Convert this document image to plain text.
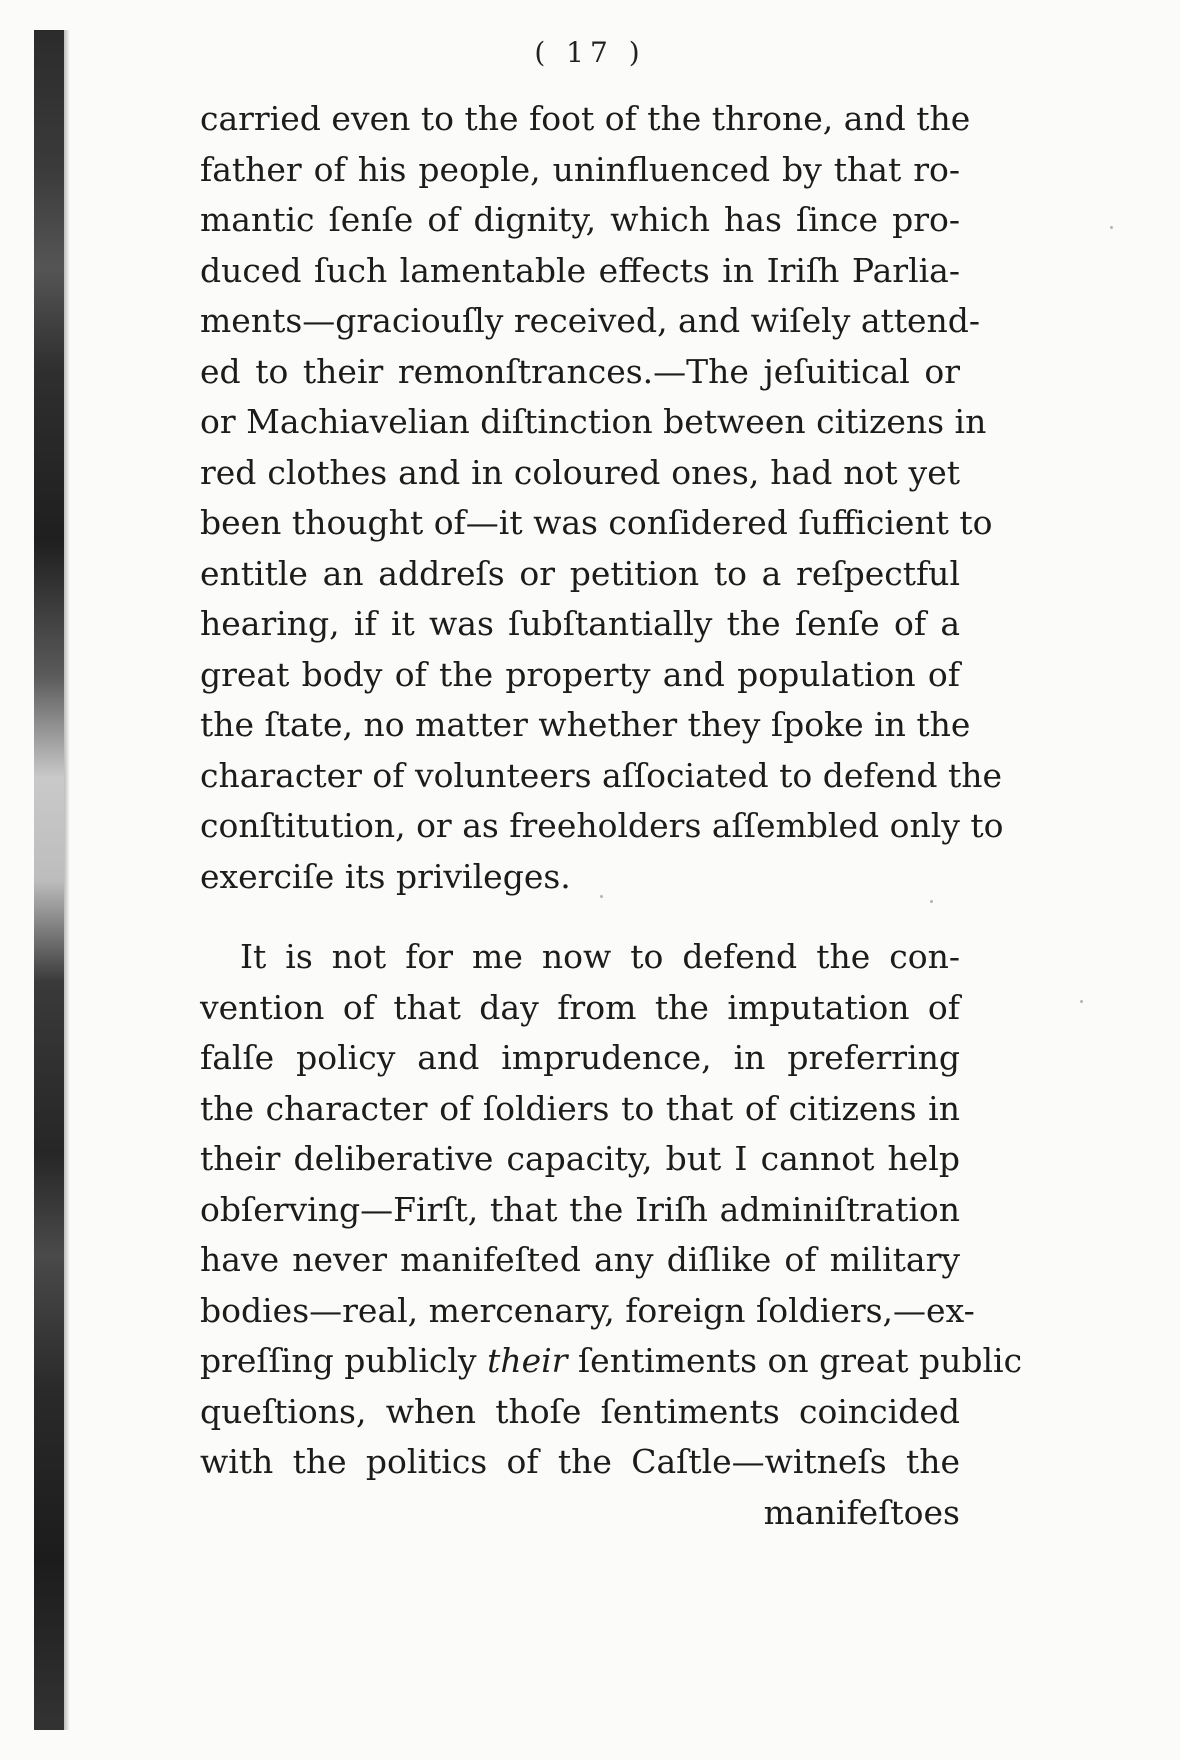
( 17 )
carried even to the foot of the throne, and the
father of his people, uninfluenced by that ro-
mantic ſenſe of dignity, which has ſince pro-
duced ſuch lamentable effects in Iriſh Parlia-
ments—graciouſly received, and wiſely attend-
ed to their remonſtrances.—The jeſuitical or
or Machiavelian diſtinction between citizens in
red clothes and in coloured ones, had not yet
been thought of—it was conſidered ſufficient to
entitle an addreſs or petition to a reſpectful
hearing, if it was ſubſtantially the ſenſe of a
great body of the property and population of
the ſtate, no matter whether they ſpoke in the
character of volunteers aſſociated to defend the
conſtitution, or as freeholders aſſembled only to
exerciſe its privileges.
It is not for me now to defend the con-
vention of that day from the imputation of
falſe policy and imprudence, in preferring
the character of ſoldiers to that of citizens in
their deliberative capacity, but I cannot help
obſerving—Firſt, that the Iriſh adminiſtration
have never manifeſted any diſlike of military
bodies—real, mercenary, foreign ſoldiers,—ex-
preſſing publicly their ſentiments on great public
queſtions, when thoſe ſentiments coincided
with the politics of the Caſtle—witneſs the
manifeſtoes
